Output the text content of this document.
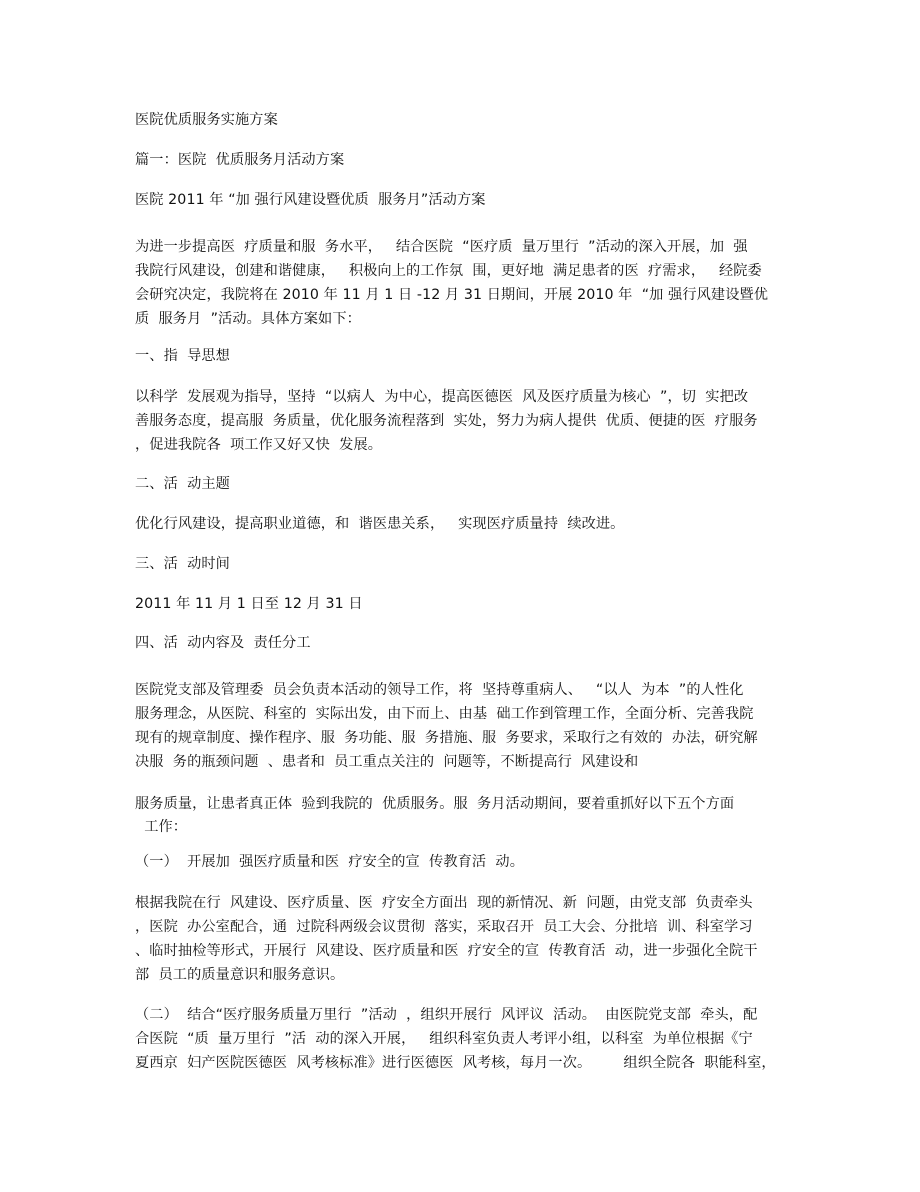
医院优质服务实施方案
篇一：医院  优质服务月活动方案
医院 2011 年 “加 强行风建设暨优质  服务月”活动方案
为进一步提高医  疗质量和服  务水平，   结合医院  “医疗质  量万里行  ”活动的深入开展，加  强
我院行风建设，创建和谐健康，   积极向上的工作氛  围，更好地  满足患者的医  疗需求，   经院委
会研究决定，我院将在 2010 年 11 月 1 日 -12 月 31 日期间，开展 2010 年  “加 强行风建设暨优
质  服务月  ”活动。具体方案如下：
一、指  导思想
以科学  发展观为指导，坚持  “以病人  为中心，提高医德医  风及医疗质量为核心  ”，切  实把改
善服务态度，提高服  务质量，优化服务流程落到  实处，努力为病人提供  优质、便捷的医  疗服务
，促进我院各  项工作又好又快  发展。
二、活  动主题
优化行风建设，提高职业道德，和  谐医患关系，   实现医疗质量持  续改进。
三、活  动时间
2011 年 11 月 1 日至 12 月 31 日
四、活  动内容及  责任分工
医院党支部及管理委  员会负责本活动的领导工作，将  坚持尊重病人、   “以人  为本  ”的人性化
服务理念，从医院、科室的  实际出发，由下而上、由基  础工作到管理工作，全面分析、完善我院
现有的规章制度、操作程序、服  务功能、服  务措施、服  务要求，采取行之有效的  办法，研究解
决服  务的瓶颈问题  、患者和  员工重点关注的  问题等，不断提高行  风建设和
服务质量，让患者真正体  验到我院的  优质服务。服  务月活动期间，要着重抓好以下五个方面
工作：
（一）  开展加  强医疗质量和医  疗安全的宣  传教育活  动。
根据我院在行  风建设、医疗质量、医  疗安全方面出  现的新情况、新  问题，由党支部  负责牵头
，医院  办公室配合，通  过院科两级会议贯彻  落实，采取召开  员工大会、分批培  训、科室学习
、临时抽检等形式，开展行  风建设、医疗质量和医  疗安全的宣  传教育活  动，进一步强化全院干
部  员工的质量意识和服务意识。
（二）  结合“医疗服务质量万里行  ”活动  ，组织开展行  风评议  活动。  由医院党支部  牵头，配
合医院  “质  量万里行  ”活  动的深入开展，   组织科室负责人考评小组，以科室  为单位根据《宁
夏西京  妇产医院医德医  风考核标准》进行医德医  风考核，每月一次。       组织全院各  职能科室，
